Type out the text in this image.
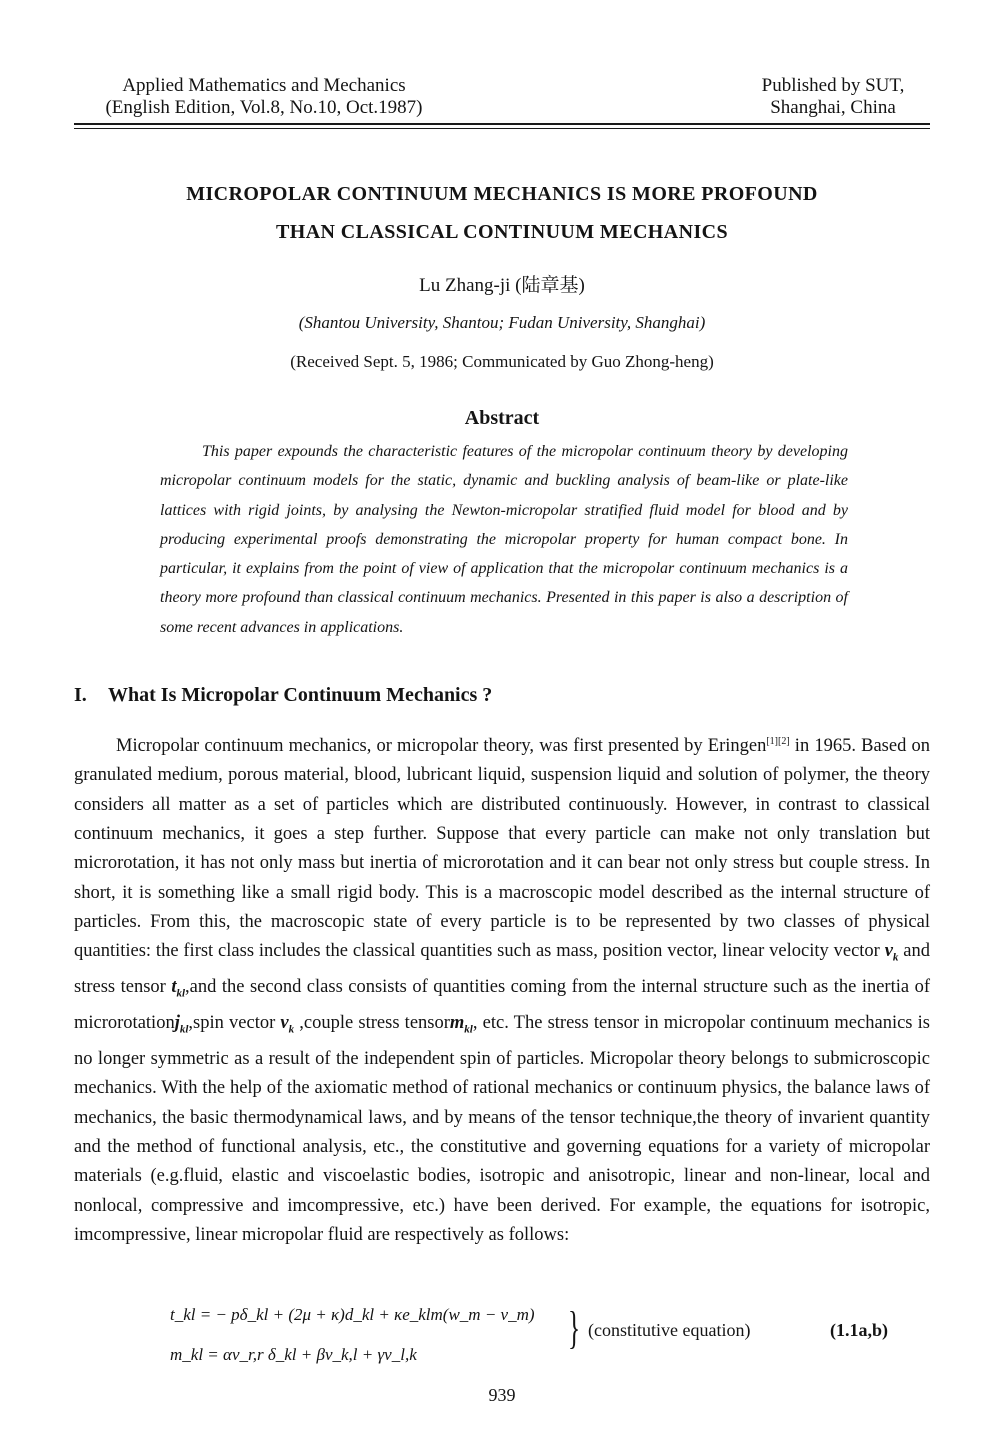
Applied Mathematics and Mechanics
(English Edition, Vol.8, No.10, Oct.1987)
Published by SUT,
Shanghai, China
MICROPOLAR CONTINUUM MECHANICS IS MORE PROFOUND
THAN CLASSICAL CONTINUUM MECHANICS
Lu Zhang-ji (陆章基)
(Shantou University, Shantou; Fudan University, Shanghai)
(Received Sept. 5, 1986; Communicated by Guo Zhong-heng)
Abstract
This paper expounds the characteristic features of the micropolar continuum theory by developing micropolar continuum models for the static, dynamic and buckling analysis of beam-like or plate-like lattices with rigid joints, by analysing the Newton-micropolar stratified fluid model for blood and by producing experimental proofs demonstrating the micropolar property for human compact bone. In particular, it explains from the point of view of application that the micropolar continuum mechanics is a theory more profound than classical continuum mechanics. Presented in this paper is also a description of some recent advances in applications.
I. What Is Micropolar Continuum Mechanics ?
Micropolar continuum mechanics, or micropolar theory, was first presented by Eringen[1][2] in 1965. Based on granulated medium, porous material, blood, lubricant liquid, suspension liquid and solution of polymer, the theory considers all matter as a set of particles which are distributed continuously. However, in contrast to classical continuum mechanics, it goes a step further. Suppose that every particle can make not only translation but microrotation, it has not only mass but inertia of microrotation and it can bear not only stress but couple stress. In short, it is something like a small rigid body. This is a macroscopic model described as the internal structure of particles. From this, the macroscopic state of every particle is to be represented by two classes of physical quantities: the first class includes the classical quantities such as mass, position vector, linear velocity vector $v_k$ and stress tensor $t_{kl},and$ the second class consists of quantities coming from the internal structure such as the inertia of microrotationj$_{kl}$,spin vector $\nu_k$ ,couple stress tensorm$_{kl}$, etc. The stress tensor in micropolar continuum mechanics is no longer symmetric as a result of the independent spin of particles. Micropolar theory belongs to submicroscopic mechanics. With the help of the axiomatic method of rational mechanics or continuum physics, the balance laws of mechanics, the basic thermodynamical laws, and by means of the tensor technique,the theory of invarient quantity and the method of functional analysis, etc., the constitutive and governing equations for a variety of micropolar materials (e.g.fluid, elastic and viscoelastic bodies, isotropic and anisotropic, linear and non-linear, local and nonlocal, compressive and imcompressive, etc.) have been derived. For example, the equations for isotropic, imcompressive, linear micropolar fluid are respectively as follows:
t_kl = − pδ_kl + (2μ + κ)d_kl + κe_klm(w_m − ν_m)
m_kl = αν_r,r δ_kl + βν_k,l + γν_l,k
} (constitutive equation)	(1.1a,b)
939
